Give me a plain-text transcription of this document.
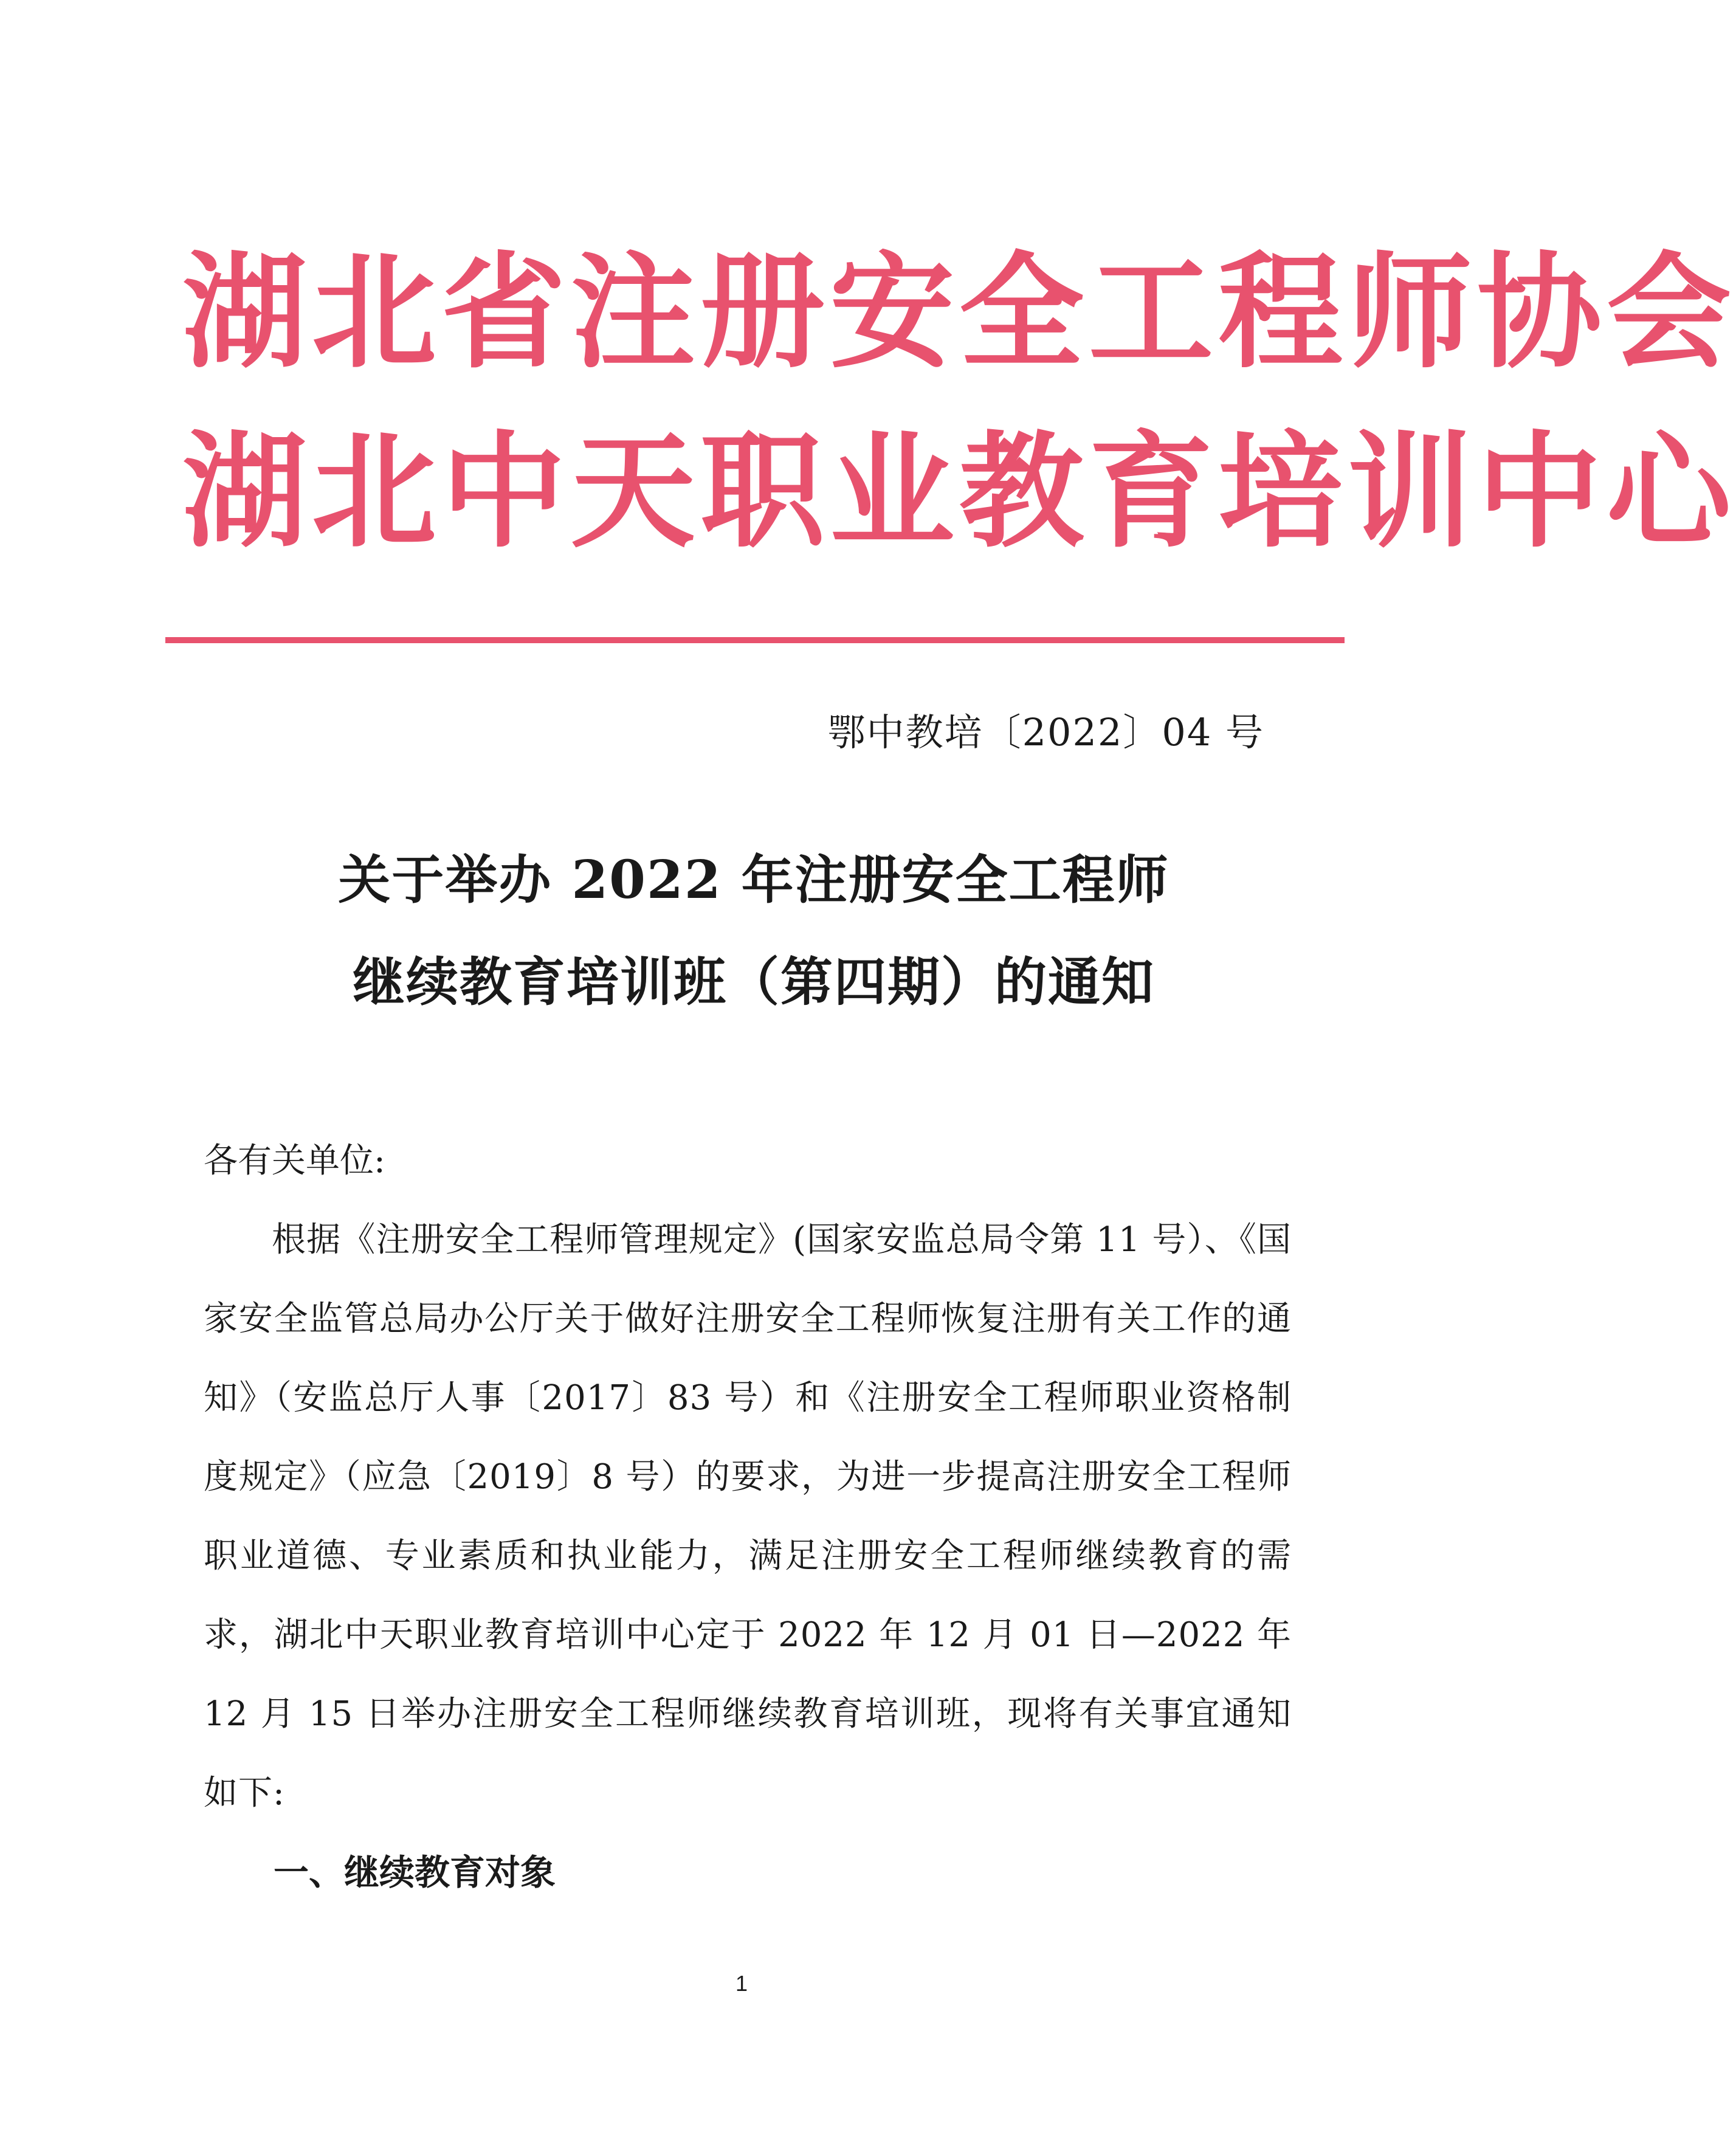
湖北省注册安全工程师协会
湖北中天职业教育培训中心
鄂中教培〔2022〕04 号
关于举办 2022 年注册安全工程师
继续教育培训班（第四期）的通知
各有关单位:
根据《注册安全工程师管理规定》(国家安监总局令第 11 号）、《国家安全监管总局办公厅关于做好注册安全工程师恢复注册有关工作的通知》（安监总厅人事〔2017〕83 号）和《注册安全工程师职业资格制度规定》（应急〔2019〕8 号）的要求，为进一步提高注册安全工程师职业道德、专业素质和执业能力，满足注册安全工程师继续教育的需求，湖北中天职业教育培训中心定于 2022 年 12 月 01 日—2022 年 12 月 15 日举办注册安全工程师继续教育培训班，现将有关事宜通知如下:
一、继续教育对象
1
